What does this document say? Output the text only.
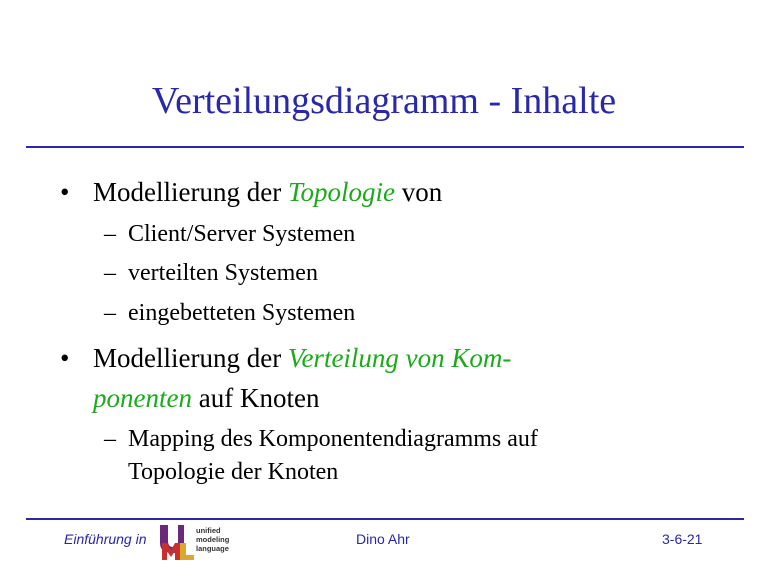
Verteilungsdiagramm - Inhalte
• Modellierung der Topologie von
– Client/Server Systemen
– verteilten Systemen
– eingebetteten Systemen
• Modellierung der Verteilung von Kom-
ponenten auf Knoten
– Mapping des Komponentendiagramms auf
Topologie der Knoten
Einführung in
unified
modeling
language
Dino Ahr	3-6-21
